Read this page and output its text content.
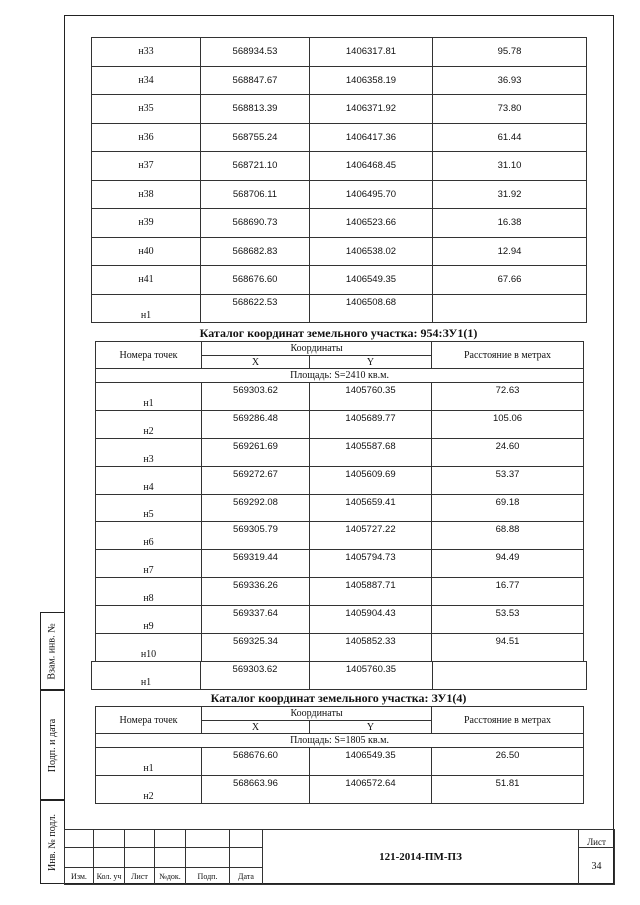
Взам. инв. №
Подп. и дата
Инв. № подл.
н33	568934.53	1406317.81	95.78
н34	568847.67	1406358.19	36.93
н35	568813.39	1406371.92	73.80
н36	568755.24	1406417.36	61.44
н37	568721.10	1406468.45	31.10
н38	568706.11	1406495.70	31.92
н39	568690.73	1406523.66	16.38
н40	568682.83	1406538.02	12.94
н41	568676.60	1406549.35	67.66
н1	568622.53	1406508.68	
Каталог координат земельного участка: 954:ЗУ1(1)
Номера точек	Координаты		Расстояние в метрах
	X	Y	
Площадь: S=2410 кв.м.			
н1	569303.62	1405760.35	72.63
н2	569286.48	1405689.77	105.06
н3	569261.69	1405587.68	24.60
н4	569272.67	1405609.69	53.37
н5	569292.08	1405659.41	69.18
н6	569305.79	1405727.22	68.88
н7	569319.44	1405794.73	94.49
н8	569336.26	1405887.71	16.77
н9	569337.64	1405904.43	53.53
н10	569325.34	1405852.33	94.51
н1	569303.62	1405760.35	
Каталог координат земельного участка: ЗУ1(4)
Номера точек	Координаты		Расстояние в метрах
	X	Y	
Площадь: S=1805 кв.м.			
н1	568676.60	1406549.35	26.50
н2	568663.96	1406572.64	51.81
						121-2014-ПМ-ПЗ	Лист
							34
Изм.	Кол. уч	Лист	№док.	Подп.	Дата		
